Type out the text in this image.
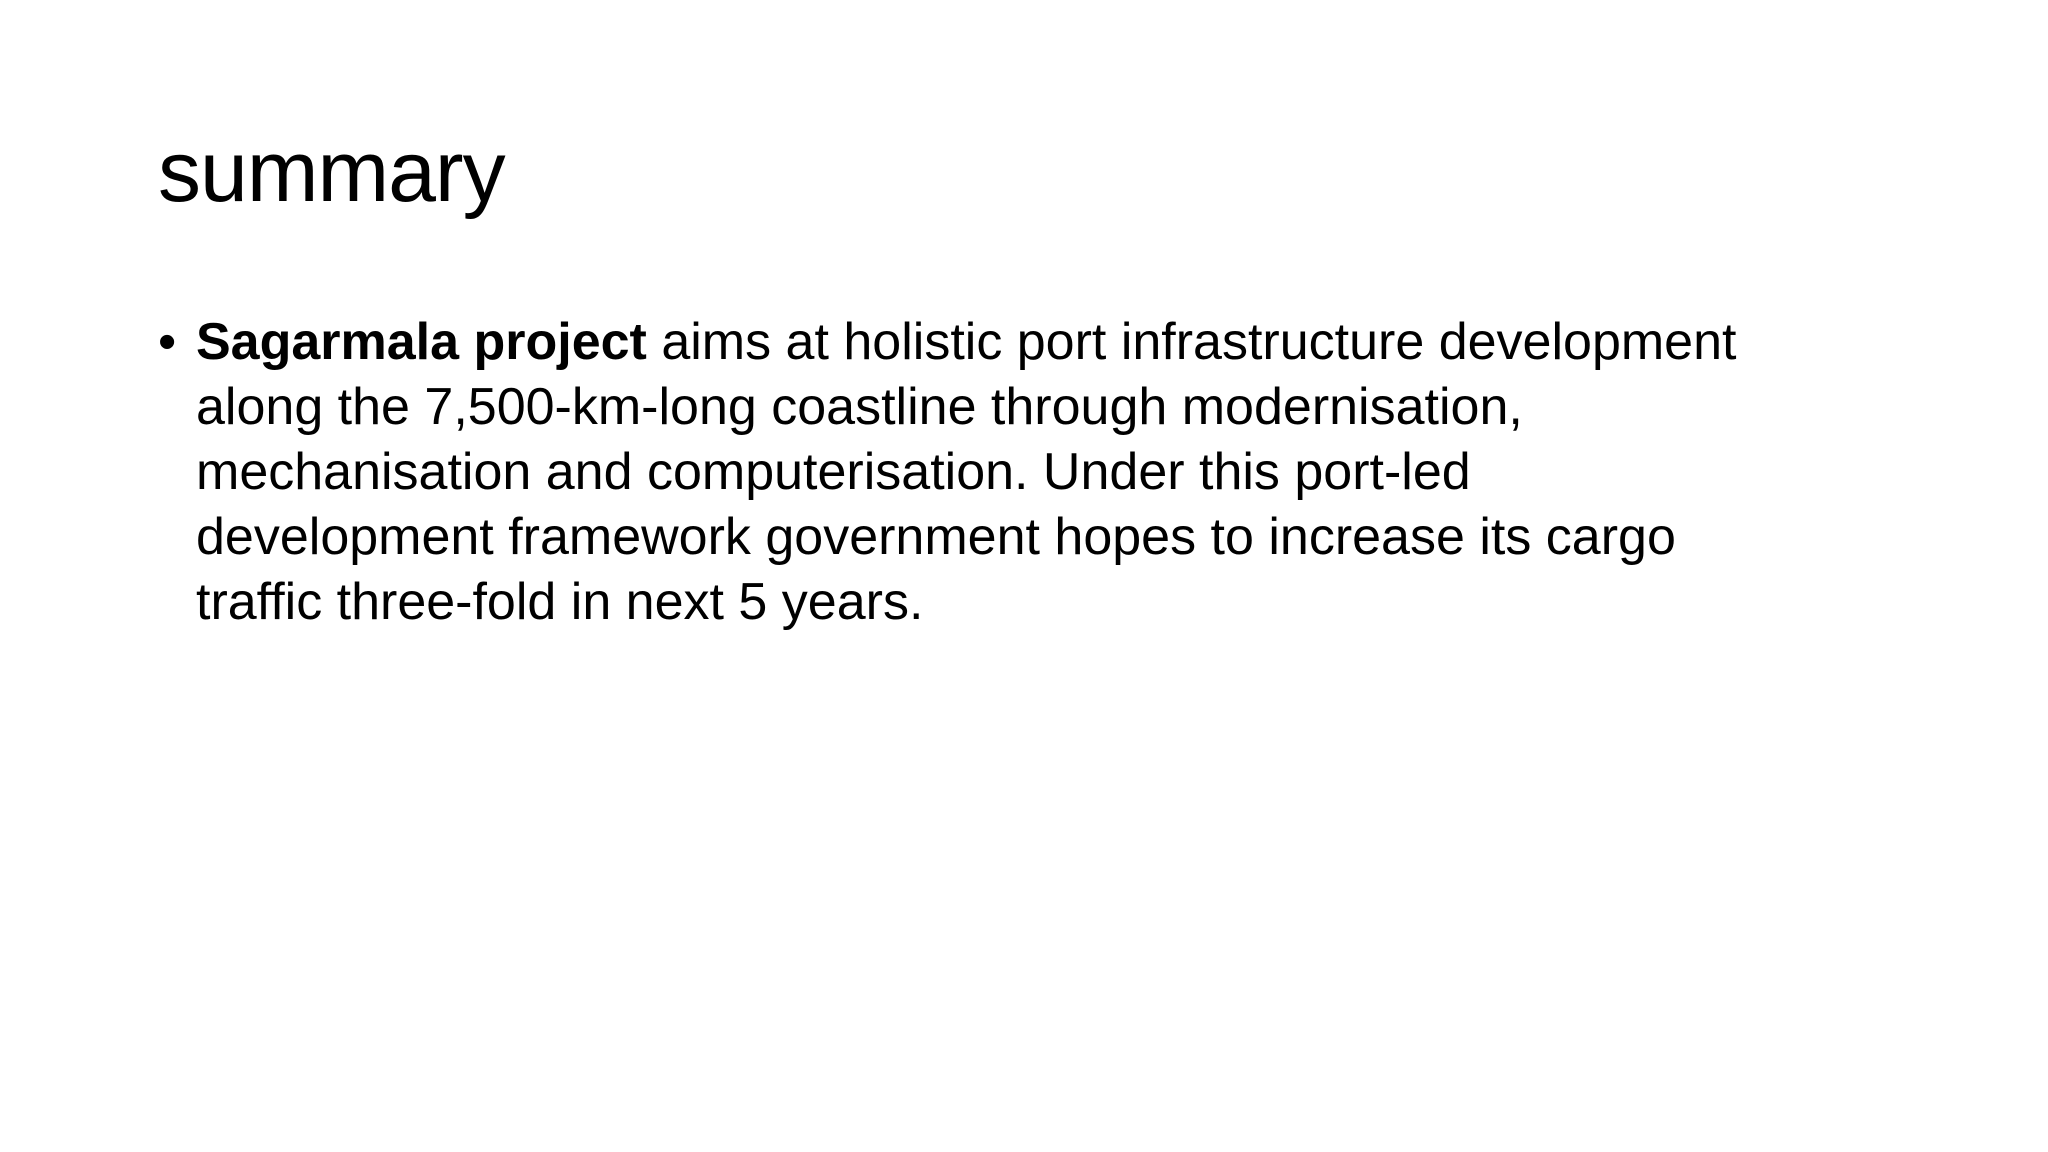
summary
• Sagarmala project aims at holistic port infrastructure development
along the 7,500-km-long coastline through modernisation,
mechanisation and computerisation. Under this port-led
development framework government hopes to increase its cargo
traffic three-fold in next 5 years.
